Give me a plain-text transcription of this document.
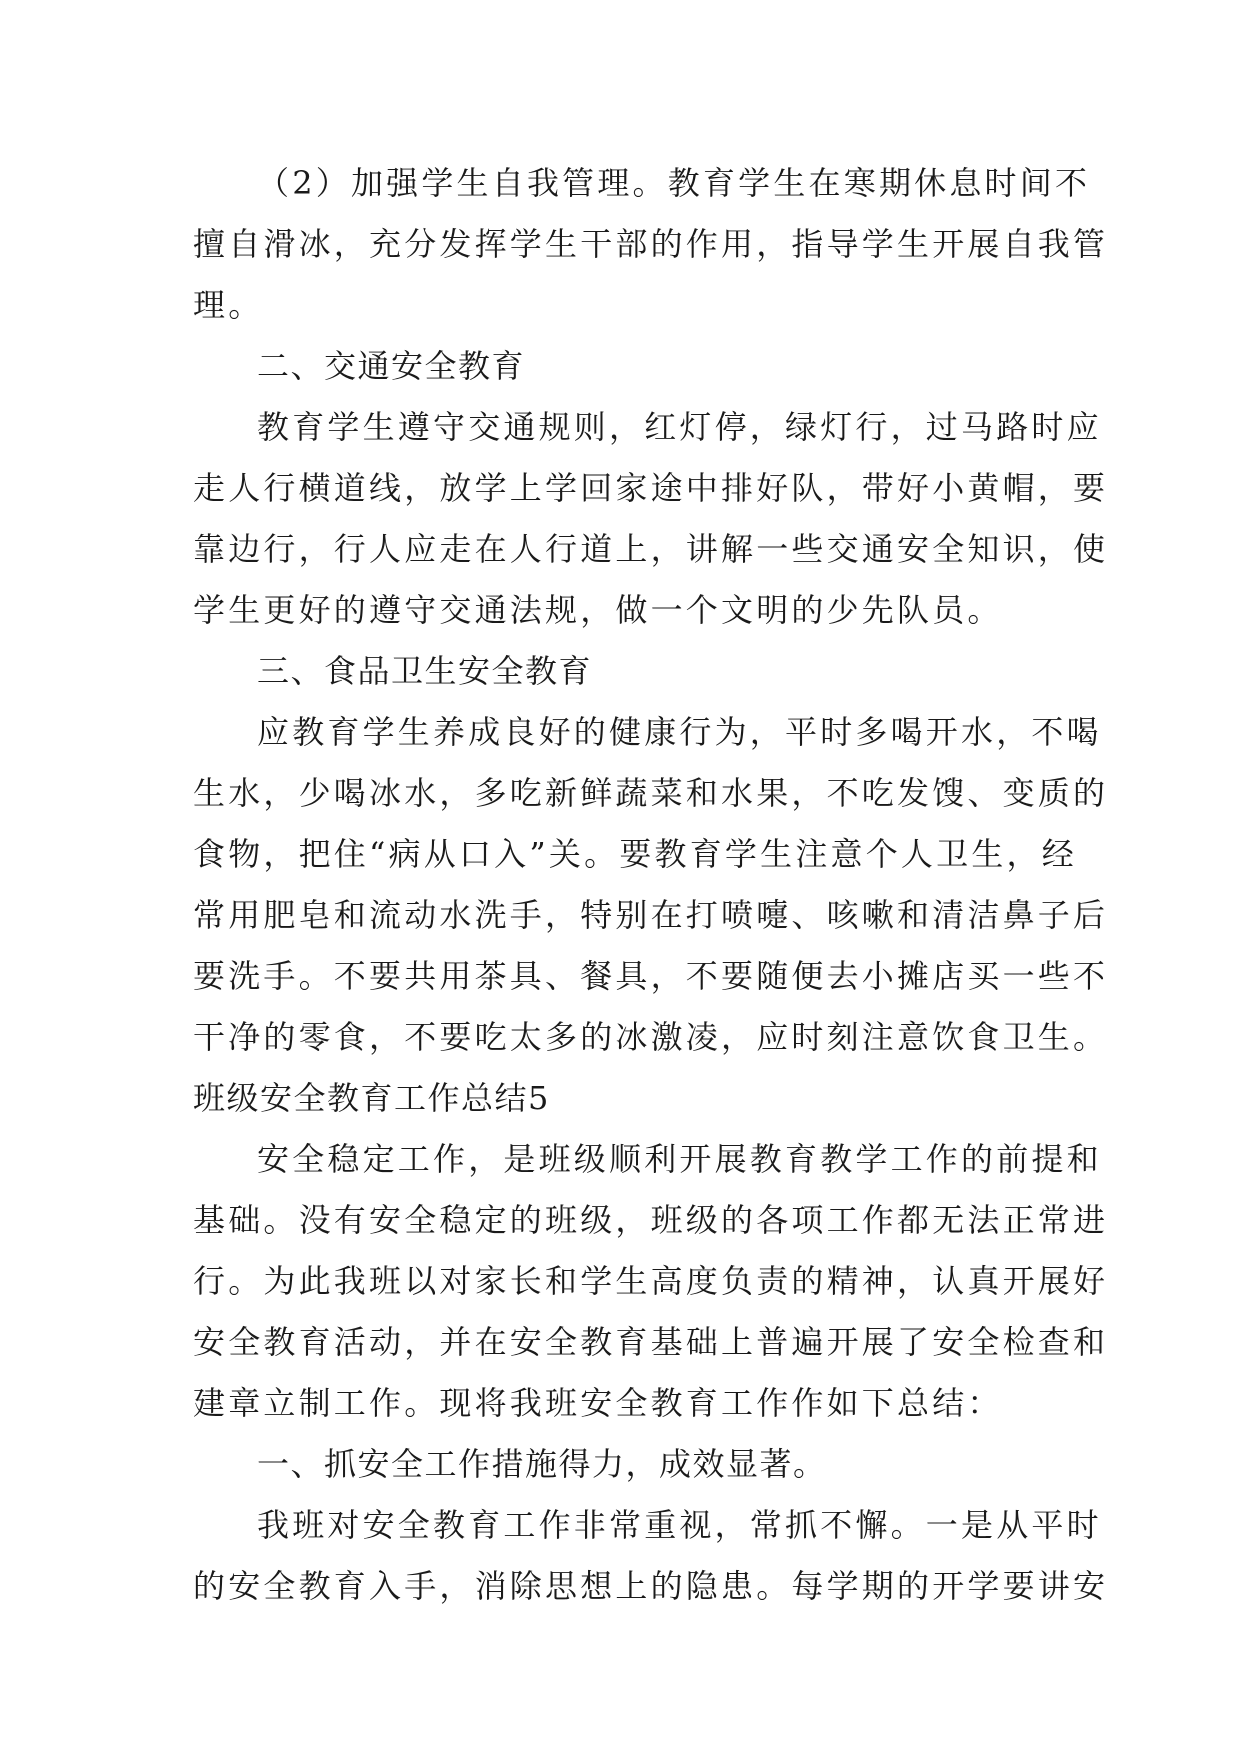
（2）加强学生自我管理。教育学生在寒期休息时间不
擅自滑冰，充分发挥学生干部的作用，指导学生开展自我管
理。
二、交通安全教育
教育学生遵守交通规则，红灯停，绿灯行，过马路时应
走人行横道线，放学上学回家途中排好队，带好小黄帽，要
靠边行，行人应走在人行道上，讲解一些交通安全知识，使
学生更好的遵守交通法规，做一个文明的少先队员。
三、食品卫生安全教育
应教育学生养成良好的健康行为，平时多喝开水，不喝
生水，少喝冰水，多吃新鲜蔬菜和水果，不吃发馊、变质的
食物，把住“病从口入”关。要教育学生注意个人卫生，经
常用肥皂和流动水洗手，特别在打喷嚏、咳嗽和清洁鼻子后
要洗手。不要共用茶具、餐具，不要随便去小摊店买一些不
干净的零食，不要吃太多的冰激凌，应时刻注意饮食卫生。
班级安全教育工作总结5
安全稳定工作，是班级顺利开展教育教学工作的前提和
基础。没有安全稳定的班级，班级的各项工作都无法正常进
行。为此我班以对家长和学生高度负责的精神，认真开展好
安全教育活动，并在安全教育基础上普遍开展了安全检查和
建章立制工作。现将我班安全教育工作作如下总结：
一、抓安全工作措施得力，成效显著。
我班对安全教育工作非常重视，常抓不懈。一是从平时
的安全教育入手，消除思想上的隐患。每学期的开学要讲安
